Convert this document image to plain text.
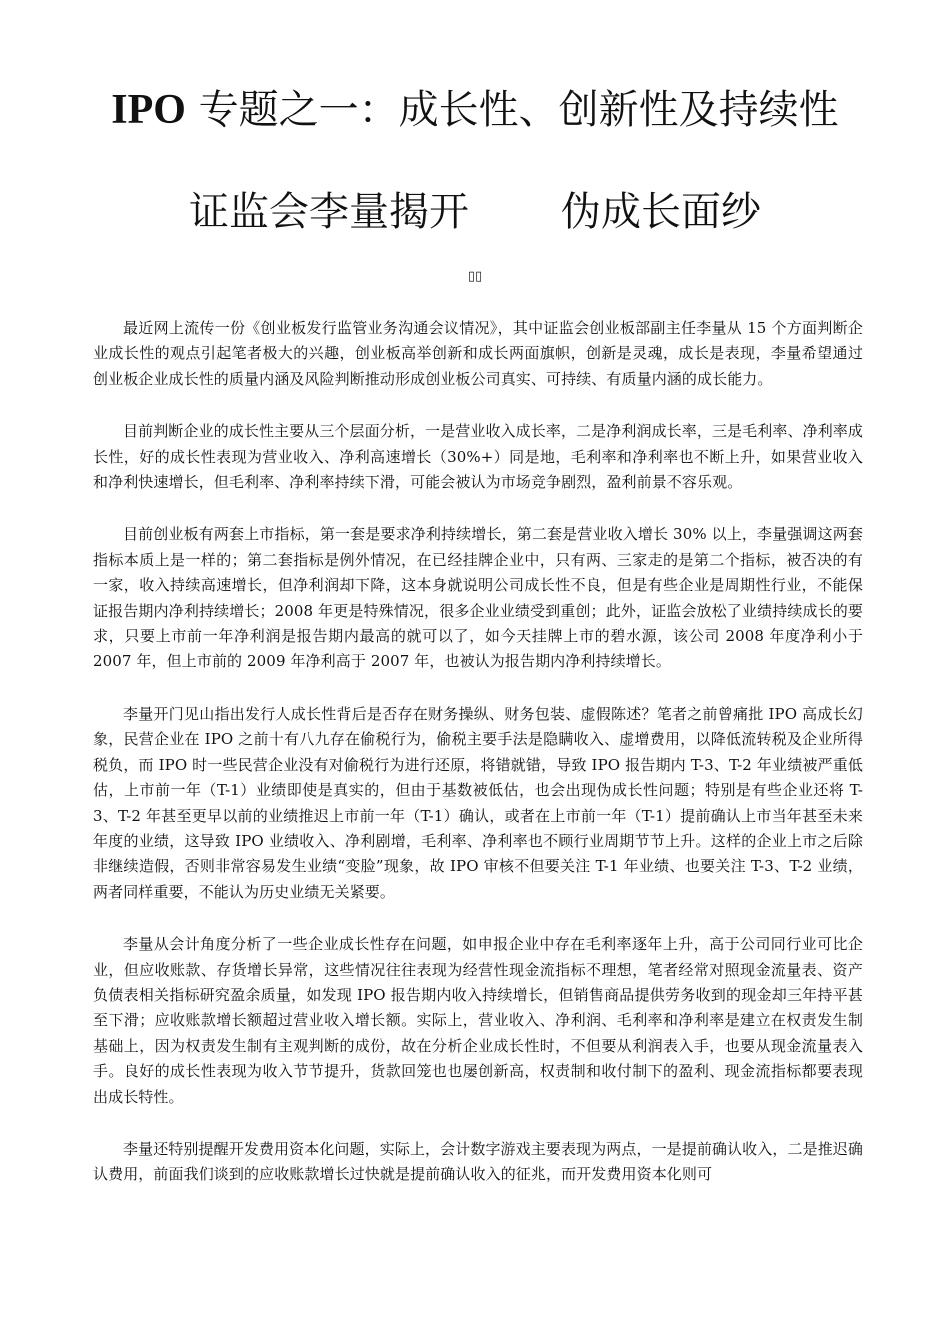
IPO 专题之一：成长性、创新性及持续性
证监会李量揭开 伪成长面纱
▯▯

最近网上流传一份《创业板发行监管业务沟通会议情况》，其中证监会创业板部副主任李量从 15 个方面判断企业成长性的观点引起笔者极大的兴趣，创业板高举创新和成长两面旗帜，创新是灵魂，成长是表现，李量希望通过创业板企业成长性的质量内涵及风险判断推动形成创业板公司真实、可持续、有质量内涵的成长能力。

目前判断企业的成长性主要从三个层面分析，一是营业收入成长率，二是净利润成长率，三是毛利率、净利率成长性，好的成长性表现为营业收入、净利高速增长（30%+）同是地，毛利率和净利率也不断上升，如果营业收入和净利快速增长，但毛利率、净利率持续下滑，可能会被认为市场竞争剧烈，盈利前景不容乐观。

目前创业板有两套上市指标，第一套是要求净利持续增长，第二套是营业收入增长 30% 以上，李量强调这两套指标本质上是一样的；第二套指标是例外情况，在已经挂牌企业中，只有两、三家走的是第二个指标，被否决的有一家，收入持续高速增长，但净利润却下降，这本身就说明公司成长性不良，但是有些企业是周期性行业，不能保证报告期内净利持续增长；2008 年更是特殊情况，很多企业业绩受到重创；此外，证监会放松了业绩持续成长的要求，只要上市前一年净利润是报告期内最高的就可以了，如今天挂牌上市的碧水源，该公司 2008 年度净利小于 2007 年，但上市前的 2009 年净利高于 2007 年，也被认为报告期内净利持续增长。

李量开门见山指出发行人成长性背后是否存在财务操纵、财务包装、虚假陈述？笔者之前曾痛批 IPO 高成长幻象，民营企业在 IPO 之前十有八九存在偷税行为，偷税主要手法是隐瞒收入、虚增费用，以降低流转税及企业所得税负，而 IPO 时一些民营企业没有对偷税行为进行还原，将错就错，导致 IPO 报告期内 T-3、T-2 年业绩被严重低估，上市前一年（T-1）业绩即使是真实的，但由于基数被低估，也会出现伪成长性问题；特别是有些企业还将 T-3、T-2 年甚至更早以前的业绩推迟上市前一年（T-1）确认，或者在上市前一年（T-1）提前确认上市当年甚至未来年度的业绩，这导致 IPO 业绩收入、净利剧增，毛利率、净利率也不顾行业周期节节上升。这样的企业上市之后除非继续造假，否则非常容易发生业绩“变脸”现象，故 IPO 审核不但要关注 T-1 年业绩、也要关注 T-3、T-2 业绩，两者同样重要，不能认为历史业绩无关紧要。

李量从会计角度分析了一些企业成长性存在问题，如申报企业中存在毛利率逐年上升，高于公司同行业可比企业，但应收账款、存货增长异常，这些情况往往表现为经营性现金流指标不理想，笔者经常对照现金流量表、资产负债表相关指标研究盈余质量，如发现 IPO 报告期内收入持续增长，但销售商品提供劳务收到的现金却三年持平甚至下滑；应收账款增长额超过营业收入增长额。实际上，营业收入、净利润、毛利率和净利率是建立在权责发生制基础上，因为权责发生制有主观判断的成份，故在分析企业成长性时，不但要从利润表入手，也要从现金流量表入手。良好的成长性表现为收入节节提升，货款回笼也也屡创新高，权责制和收付制下的盈利、现金流指标都要表现出成长特性。

李量还特别提醒开发费用资本化问题，实际上，会计数字游戏主要表现为两点，一是提前确认收入，二是推迟确认费用，前面我们谈到的应收账款增长过快就是提前确认收入的征兆，而开发费用资本化则可
